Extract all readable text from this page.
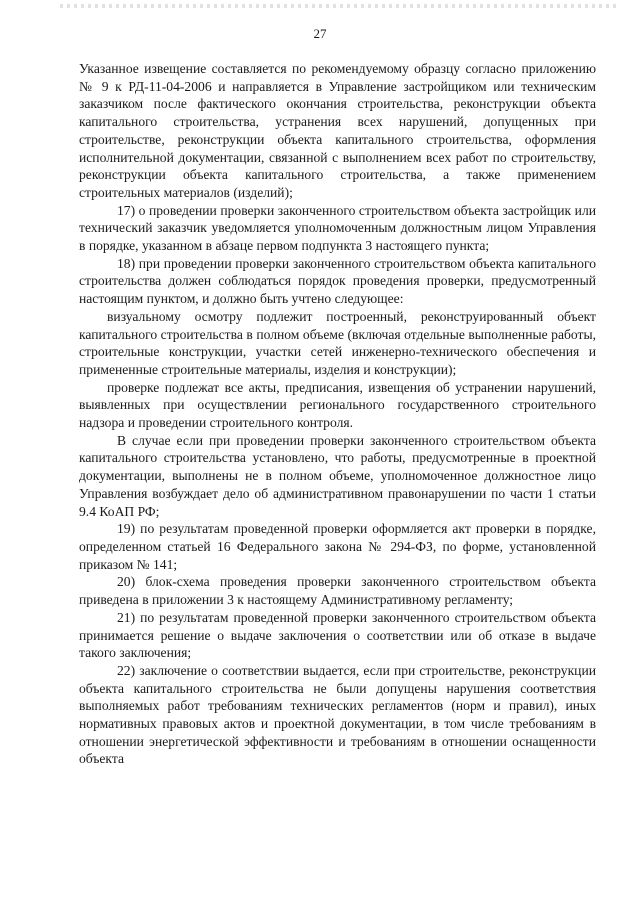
27

Указанное извещение составляется по рекомендуемому образцу согласно приложению № 9 к РД-11-04-2006 и направляется в Управление застройщиком или техническим заказчиком после фактического окончания строительства, реконструкции объекта капитального строительства, устранения всех нарушений, допущенных при строительстве, реконструкции объекта капитального строительства, оформления исполнительной документации, связанной с выполнением всех работ по строительству, реконструкции объекта капитального строительства, а также применением строительных материалов (изделий);

17) о проведении проверки законченного строительством объекта застройщик или технический заказчик уведомляется уполномоченным должностным лицом Управления в порядке, указанном в абзаце первом подпункта 3 настоящего пункта;

18) при проведении проверки законченного строительством объекта капитального строительства должен соблюдаться порядок проведения проверки, предусмотренный настоящим пунктом, и должно быть учтено следующее:

визуальному осмотру подлежит построенный, реконструированный объект капитального строительства в полном объеме (включая отдельные выполненные работы, строительные конструкции, участки сетей инженерно-технического обеспечения и примененные строительные материалы, изделия и конструкции);

проверке подлежат все акты, предписания, извещения об устранении нарушений, выявленных при осуществлении регионального государственного строительного надзора и проведении строительного контроля.

В случае если при проведении проверки законченного строительством объекта капитального строительства установлено, что работы, предусмотренные в проектной документации, выполнены не в полном объеме, уполномоченное должностное лицо Управления возбуждает дело об административном правонарушении по части 1 статьи 9.4 КоАП РФ;

19) по результатам проведенной проверки оформляется акт проверки в порядке, определенном статьей 16 Федерального закона № 294-ФЗ, по форме, установленной приказом № 141;

20) блок-схема проведения проверки законченного строительством объекта приведена в приложении 3 к настоящему Административному регламенту;

21) по результатам проведенной проверки законченного строительством объекта принимается решение о выдаче заключения о соответствии или об отказе в выдаче такого заключения;

22) заключение о соответствии выдается, если при строительстве, реконструкции объекта капитального строительства не были допущены нарушения соответствия выполняемых работ требованиям технических регламентов (норм и правил), иных нормативных правовых актов и проектной документации, в том числе требованиям в отношении энергетической эффективности и требованиям в отношении оснащенности объекта
